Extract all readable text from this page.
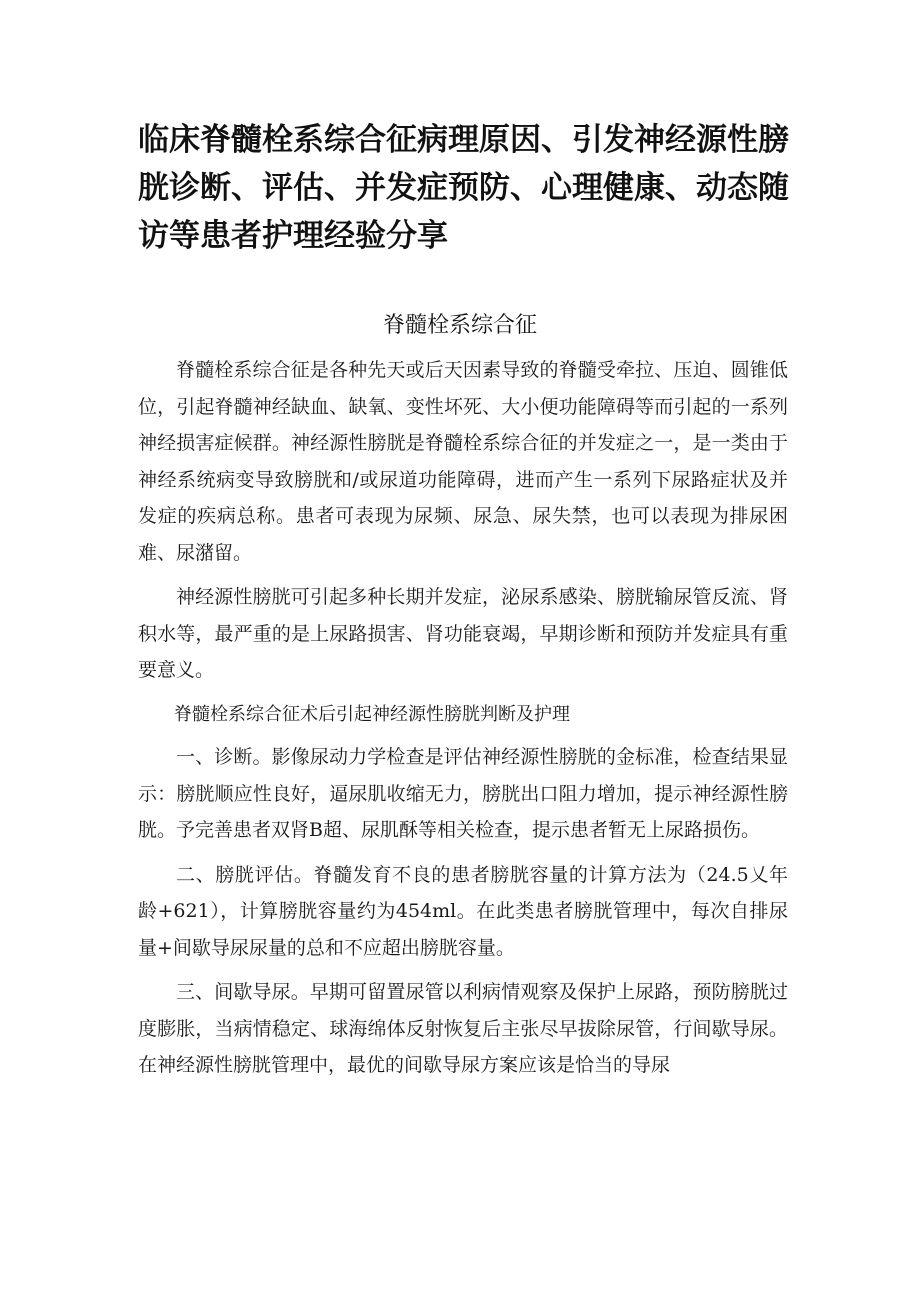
临床脊髓栓系综合征病理原因、引发神经源性膀胱诊断、评估、并发症预防、心理健康、动态随访等患者护理经验分享
脊髓栓系综合征

脊髓栓系综合征是各种先天或后天因素导致的脊髓受牵拉、压迫、圆锥低位，引起脊髓神经缺血、缺氧、变性坏死、大小便功能障碍等而引起的一系列神经损害症候群。神经源性膀胱是脊髓栓系综合征的并发症之一，是一类由于神经系统病变导致膀胱和/或尿道功能障碍，进而产生一系列下尿路症状及并发症的疾病总称。患者可表现为尿频、尿急、尿失禁，也可以表现为排尿困难、尿潴留。

神经源性膀胱可引起多种长期并发症，泌尿系感染、膀胱输尿管反流、肾积水等，最严重的是上尿路损害、肾功能衰竭，早期诊断和预防并发症具有重要意义。

脊髓栓系综合征术后引起神经源性膀胱判断及护理

一、诊断。影像尿动力学检查是评估神经源性膀胱的金标准，检查结果显示：膀胱顺应性良好，逼尿肌收缩无力，膀胱出口阻力增加，提示神经源性膀胱。予完善患者双肾B超、尿肌酥等相关检查，提示患者暂无上尿路损伤。

二、膀胱评估。脊髓发育不良的患者膀胱容量的计算方法为（24.5乂年龄+621），计算膀胱容量约为454ml。在此类患者膀胱管理中，每次自排尿量+间歇导尿尿量的总和不应超出膀胱容量。

三、间歇导尿。早期可留置尿管以利病情观察及保护上尿路，预防膀胱过度膨胀，当病情稳定、球海绵体反射恢复后主张尽早拔除尿管，行间歇导尿。在神经源性膀胱管理中，最优的间歇导尿方案应该是恰当的导尿
